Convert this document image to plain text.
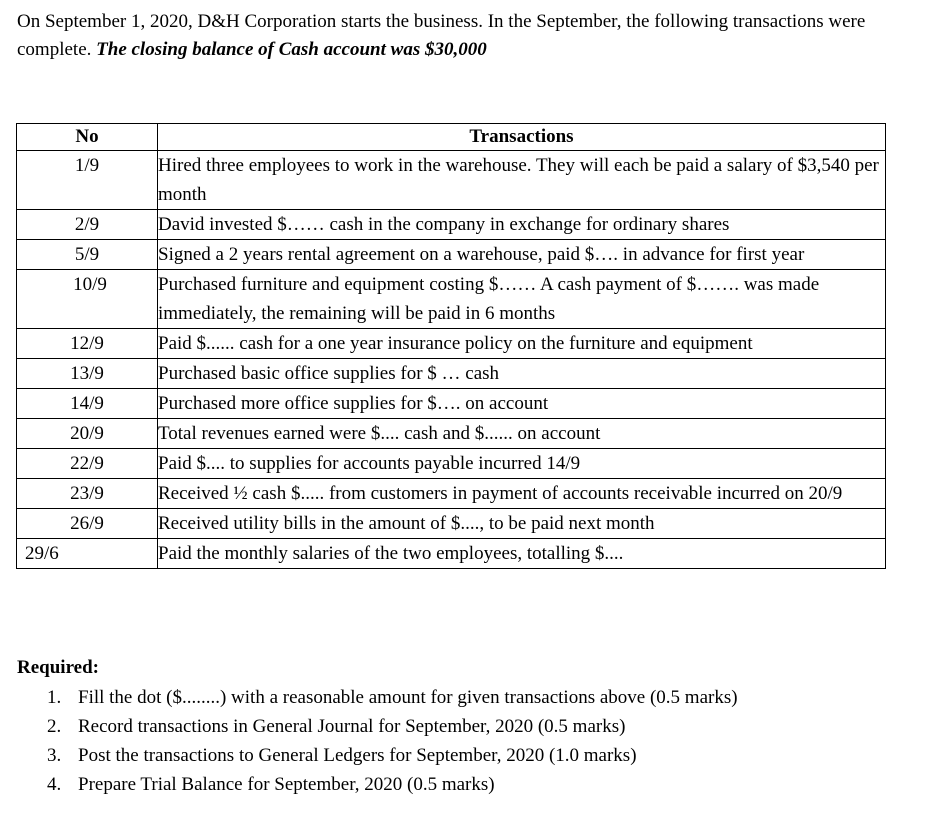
On September 1, 2020, D&H Corporation starts the business. In the September, the following transactions were complete. The closing balance of Cash account was $30,000

No	Transactions
1/9	Hired three employees to work in the warehouse. They will each be paid a salary of $3,540 per month
2/9	David invested $…… cash in the company in exchange for ordinary shares
5/9	Signed a 2 years rental agreement on a warehouse, paid $…. in advance for first year
10/9	Purchased furniture and equipment costing $…… A cash payment of $……. was made immediately, the remaining will be paid in 6 months
12/9	Paid $...... cash for a one year insurance policy on the furniture and equipment
13/9	Purchased basic office supplies for $ … cash
14/9	Purchased more office supplies for $…. on account
20/9	Total revenues earned were $.... cash and $...... on account
22/9	Paid $.... to supplies for accounts payable incurred 14/9
23/9	Received ½ cash $..... from customers in payment of accounts receivable incurred on 20/9
26/9	Received utility bills in the amount of $...., to be paid next month
29/6	Paid the monthly salaries of the two employees, totalling $....

Required:

1. Fill the dot ($........) with a reasonable amount for given transactions above (0.5 marks)
2. Record transactions in General Journal for September, 2020 (0.5 marks)
3. Post the transactions to General Ledgers for September, 2020 (1.0 marks)
4. Prepare Trial Balance for September, 2020 (0.5 marks)
